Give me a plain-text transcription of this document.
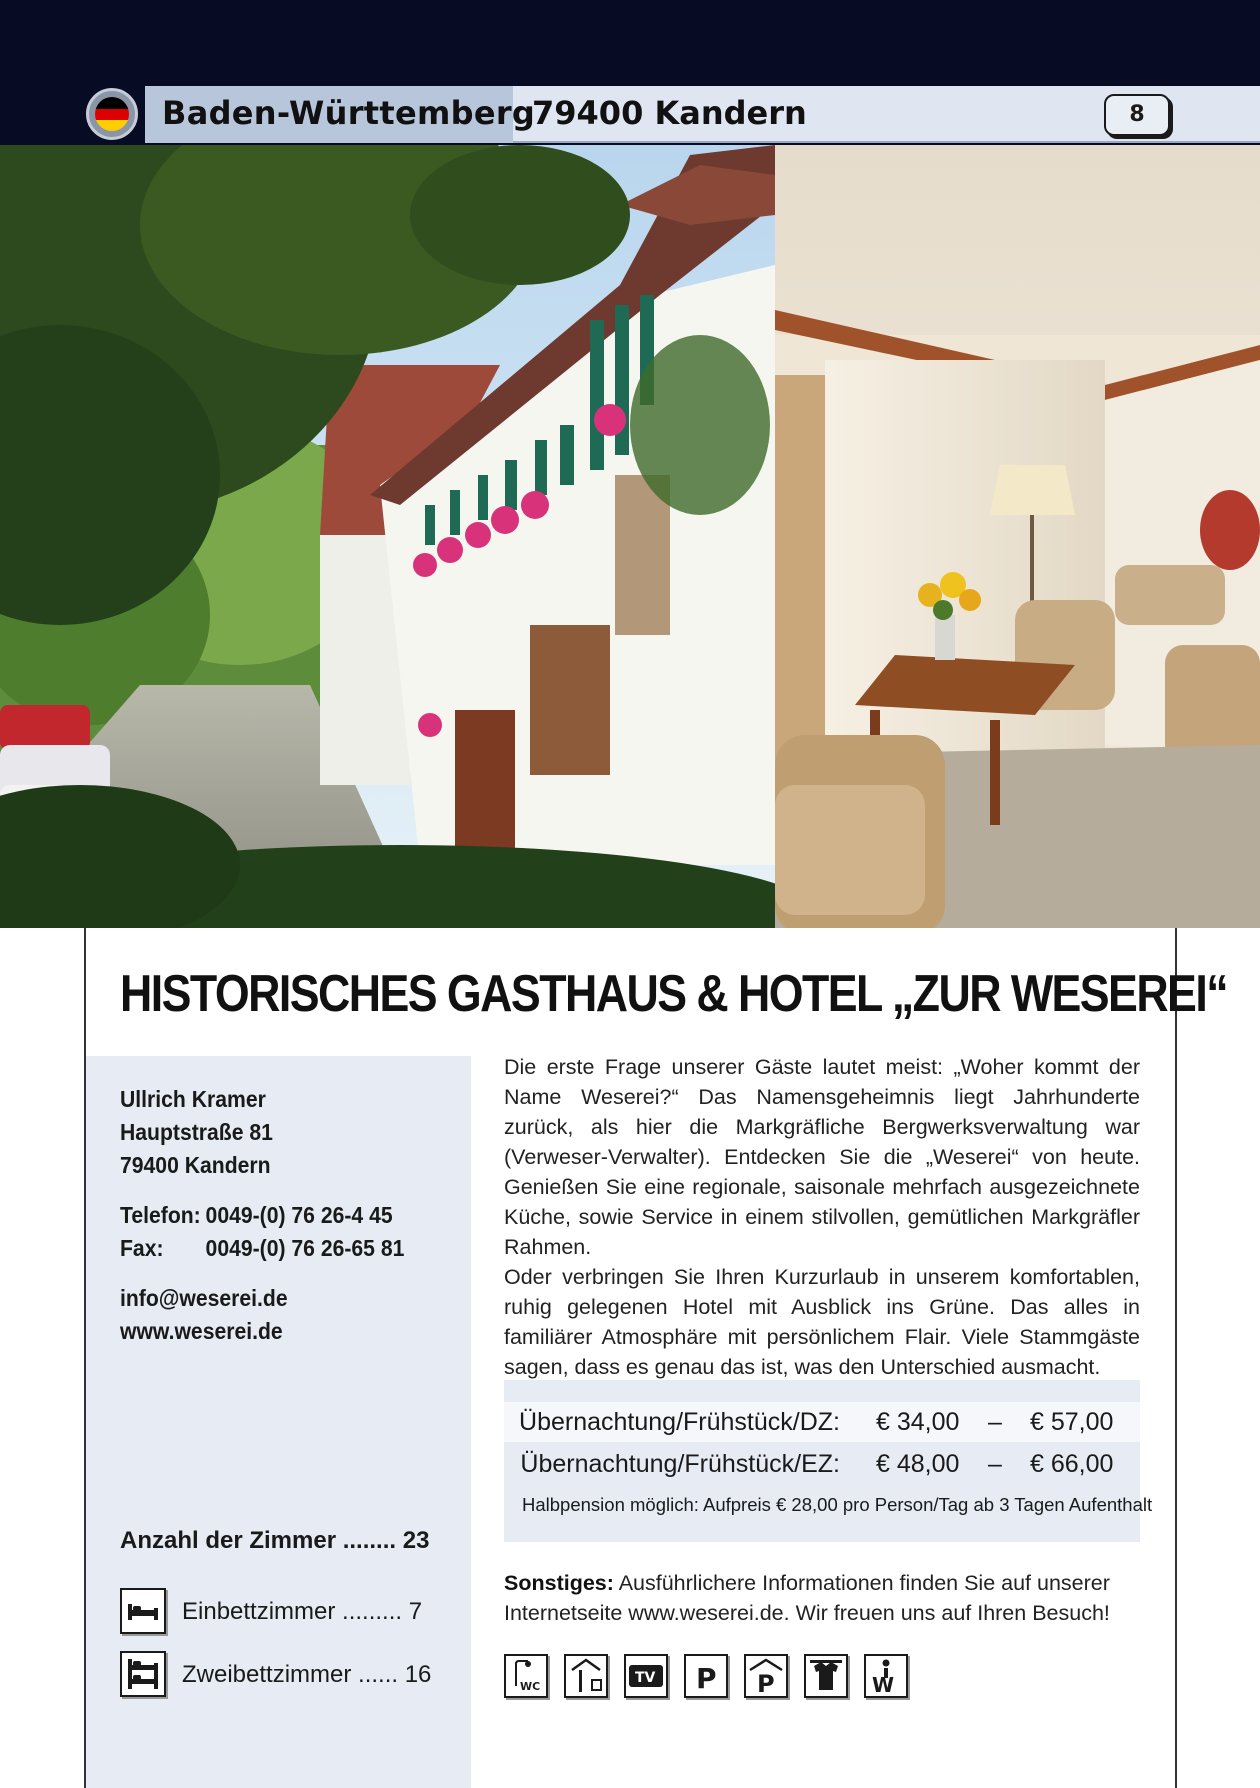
Baden-Württemberg
79400 Kandern	8
HISTORISCHES GASTHAUS & HOTEL „ZUR WESEREI“
Ullrich Kramer
Hauptstraße 81
79400 Kandern
Telefon: 0049-(0) 76 26-4 45
Fax: 0049-(0) 76 26-65 81
info@weserei.de
www.weserei.de
Anzahl der Zimmer ........ 23
Einbettzimmer ......... 7
Zweibettzimmer ...... 16

Die erste Frage unserer Gäste lautet meist: „Woher kommt der Name Weserei?“ Das Namensgeheimnis liegt Jahrhunderte zurück, als hier die Markgräfliche Bergwerksverwaltung war (Verweser-Verwalter). Entdecken Sie die „Weserei“ von heute. Genießen Sie eine regionale, saisonale mehrfach ausgezeichnete Küche, sowie Service in einem stilvollen, gemütlichen Markgräfler Rahmen.

Oder verbringen Sie Ihren Kurzurlaub in unserem komfortablen, ruhig gelegenen Hotel mit Ausblick ins Grüne. Das alles in familiärer Atmosphäre mit persönlichem Flair. Viele Stammgäste sagen, dass es genau das ist, was den Unterschied ausmacht.

Übernachtung/Frühstück/DZ: € 34,00 – € 57,00
Übernachtung/Frühstück/EZ: € 48,00 – € 66,00
Halbpension möglich: Aufpreis € 28,00 pro Person/Tag ab 3 Tagen Aufenthalt
Sonstiges: Ausführlichere Informationen finden Sie auf unserer Internetseite www.weserei.de. Wir freuen uns auf Ihren Besuch!
WC
TV P P	W
